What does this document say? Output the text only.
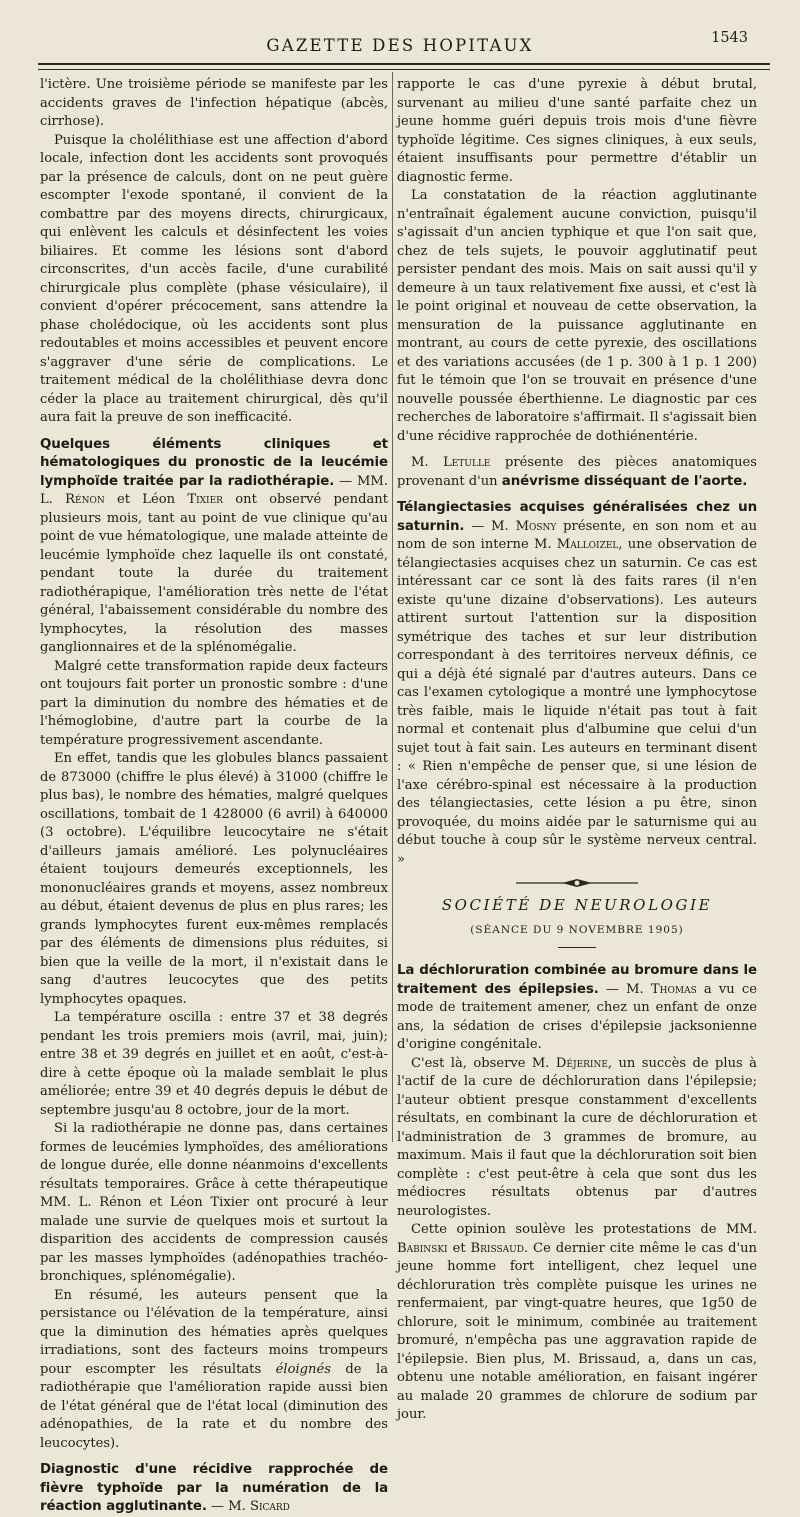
GAZETTE DES HOPITAUX	1543

l'ictère. Une troisième période se manifeste par les accidents graves de l'infection hépatique (abcès, cirrhose).

Puisque la cholélithiase est une affection d'abord locale, infection dont les accidents sont provoqués par la présence de calculs, dont on ne peut guère escompter l'exode spontané, il convient de la combattre par des moyens directs, chirurgicaux, qui enlèvent les calculs et désinfectent les voies biliaires. Et comme les lésions sont d'abord circonscrites, d'un accès facile, d'une curabilité chirurgicale plus complète (phase vésiculaire), il convient d'opérer précocement, sans attendre la phase cholédocique, où les accidents sont plus redoutables et moins accessibles et peuvent encore s'aggraver d'une série de complications. Le traitement médical de la cholélithiase devra donc céder la place au traitement chirurgical, dès qu'il aura fait la preuve de son inefficacité.

Quelques éléments cliniques et hématologiques du pronostic de la leucémie lymphoïde traitée par la radiothérapie. — MM. L. Rénon et Léon Tixier ont observé pendant plusieurs mois, tant au point de vue clinique qu'au point de vue hématologique, une malade atteinte de leucémie lymphoïde chez laquelle ils ont constaté, pendant toute la durée du traitement radiothérapique, l'amélioration très nette de l'état général, l'abaissement considérable du nombre des lymphocytes, la résolution des masses ganglionnaires et de la splénomégalie.

Malgré cette transformation rapide deux facteurs ont toujours fait porter un pronostic sombre : d'une part la diminution du nombre des hématies et de l'hémoglobine, d'autre part la courbe de la température progressivement ascendante.

En effet, tandis que les globules blancs passaient de 873000 (chiffre le plus élevé) à 31000 (chiffre le plus bas), le nombre des hématies, malgré quelques oscillations, tombait de 1 428000 (6 avril) à 640000 (3 octobre). L'équilibre leucocytaire ne s'était d'ailleurs jamais amélioré. Les polynucléaires étaient toujours demeurés exceptionnels, les mononucléaires grands et moyens, assez nombreux au début, étaient devenus de plus en plus rares; les grands lymphocytes furent eux-mêmes remplacés par des éléments de dimensions plus réduites, si bien que la veille de la mort, il n'existait dans le sang d'autres leucocytes que des petits lymphocytes opaques.

La température oscilla : entre 37 et 38 degrés pendant les trois premiers mois (avril, mai, juin); entre 38 et 39 degrés en juillet et en août, c'est-à-dire à cette époque où la malade semblait le plus améliorée; entre 39 et 40 degrés depuis le début de septembre jusqu'au 8 octobre, jour de la mort.

Si la radiothérapie ne donne pas, dans certaines formes de leucémies lymphoïdes, des améliorations de longue durée, elle donne néanmoins d'excellents résultats temporaires. Grâce à cette thérapeutique MM. L. Rénon et Léon Tixier ont procuré à leur malade une survie de quelques mois et surtout la disparition des accidents de compression causés par les masses lymphoïdes (adénopathies trachéo-bronchiques, splénomégalie).

En résumé, les auteurs pensent que la persistance ou l'élévation de la température, ainsi que la diminution des hématies après quelques irradiations, sont des facteurs moins trompeurs pour escompter les résultats éloignés de la radiothérapie que l'amélioration rapide aussi bien de l'état général que de l'état local (diminution des adénopathies, de la rate et du nombre des leucocytes).

Diagnostic d'une récidive rapprochée de fièvre typhoïde par la numération de la réaction agglutinante. — M. Sicard

rapporte le cas d'une pyrexie à début brutal, survenant au milieu d'une santé parfaite chez un jeune homme guéri depuis trois mois d'une fièvre typhoïde légitime. Ces signes cliniques, à eux seuls, étaient insuffisants pour permettre d'établir un diagnostic ferme.

La constatation de la réaction agglutinante n'entraînait également aucune conviction, puisqu'il s'agissait d'un ancien typhique et que l'on sait que, chez de tels sujets, le pouvoir agglutinatif peut persister pendant des mois. Mais on sait aussi qu'il y demeure à un taux relativement fixe aussi, et c'est là le point original et nouveau de cette observation, la mensuration de la puissance agglutinante en montrant, au cours de cette pyrexie, des oscillations et des variations accusées (de 1 p. 300 à 1 p. 1 200) fut le témoin que l'on se trouvait en présence d'une nouvelle poussée éberthienne. Le diagnostic par ces recherches de laboratoire s'affirmait. Il s'agissait bien d'une récidive rapprochée de dothiénentérie.

M. Letulle présente des pièces anatomiques provenant d'un anévrisme disséquant de l'aorte.

Télangiectasies acquises généralisées chez un saturnin. — M. Mosny présente, en son nom et au nom de son interne M. Malloizel, une observation de télangiectasies acquises chez un saturnin. Ce cas est intéressant car ce sont là des faits rares (il n'en existe qu'une dizaine d'observations). Les auteurs attirent surtout l'attention sur la disposition symétrique des taches et sur leur distribution correspondant à des territoires nerveux définis, ce qui a déjà été signalé par d'autres auteurs. Dans ce cas l'examen cytologique a montré une lymphocytose très faible, mais le liquide n'était pas tout à fait normal et contenait plus d'albumine que celui d'un sujet tout à fait sain. Les auteurs en terminant disent : « Rien n'empêche de penser que, si une lésion de l'axe cérébro-spinal est nécessaire à la production des télangiectasies, cette lésion a pu être, sinon provoquée, du moins aidée par le saturnisme qui au début touche à coup sûr le système nerveux central. »

SOCIÉTÉ DE NEUROLOGIE

(SÉANCE DU 9 NOVEMBRE 1905)

La déchloruration combinée au bromure dans le traitement des épilepsies. — M. Thomas a vu ce mode de traitement amener, chez un enfant de onze ans, la sédation de crises d'épilepsie jacksonienne d'origine congénitale.

C'est là, observe M. Déjerine, un succès de plus à l'actif de la cure de déchloruration dans l'épilepsie; l'auteur obtient presque constamment d'excellents résultats, en combinant la cure de déchloruration et l'administration de 3 grammes de bromure, au maximum. Mais il faut que la déchloruration soit bien complète : c'est peut-être à cela que sont dus les médiocres résultats obtenus par d'autres neurologistes.

Cette opinion soulève les protestations de MM. Babinski et Brissaud. Ce dernier cite même le cas d'un jeune homme fort intelligent, chez lequel une déchloruration très complète puisque les urines ne renfermaient, par vingt-quatre heures, que 1g50 de chlorure, soit le minimum, combinée au traitement bromuré, n'empêcha pas une aggravation rapide de l'épilepsie. Bien plus, M. Brissaud, a, dans un cas, obtenu une notable amélioration, en faisant ingérer au malade 20 grammes de chlorure de sodium par jour.
